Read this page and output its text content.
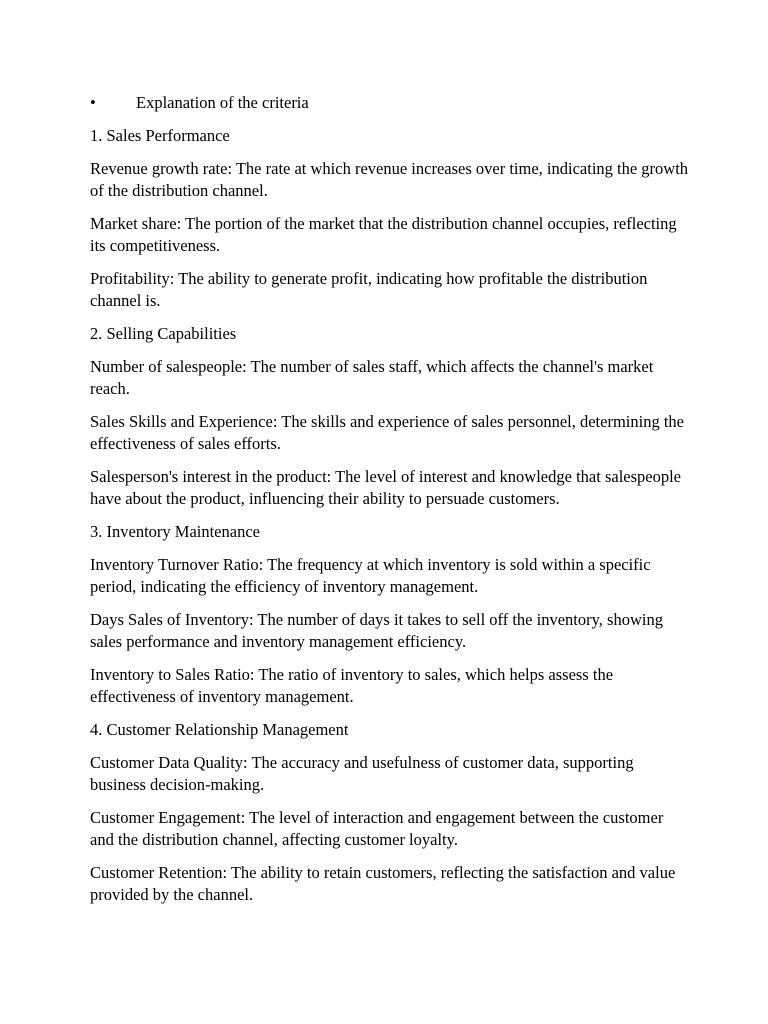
•	Explanation of the criteria

1. Sales Performance

Revenue growth rate: The rate at which revenue increases over time, indicating the growth of the distribution channel.

Market share: The portion of the market that the distribution channel occupies, reflecting its competitiveness.

Profitability: The ability to generate profit, indicating how profitable the distribution channel is.

2. Selling Capabilities

Number of salespeople: The number of sales staff, which affects the channel's market reach.

Sales Skills and Experience: The skills and experience of sales personnel, determining the effectiveness of sales efforts.

Salesperson's interest in the product: The level of interest and knowledge that salespeople have about the product, influencing their ability to persuade customers.

3. Inventory Maintenance

Inventory Turnover Ratio: The frequency at which inventory is sold within a specific period, indicating the efficiency of inventory management.

Days Sales of Inventory: The number of days it takes to sell off the inventory, showing sales performance and inventory management efficiency.

Inventory to Sales Ratio: The ratio of inventory to sales, which helps assess the effectiveness of inventory management.

4. Customer Relationship Management

Customer Data Quality: The accuracy and usefulness of customer data, supporting business decision-making.

Customer Engagement: The level of interaction and engagement between the customer and the distribution channel, affecting customer loyalty.

Customer Retention: The ability to retain customers, reflecting the satisfaction and value provided by the channel.
